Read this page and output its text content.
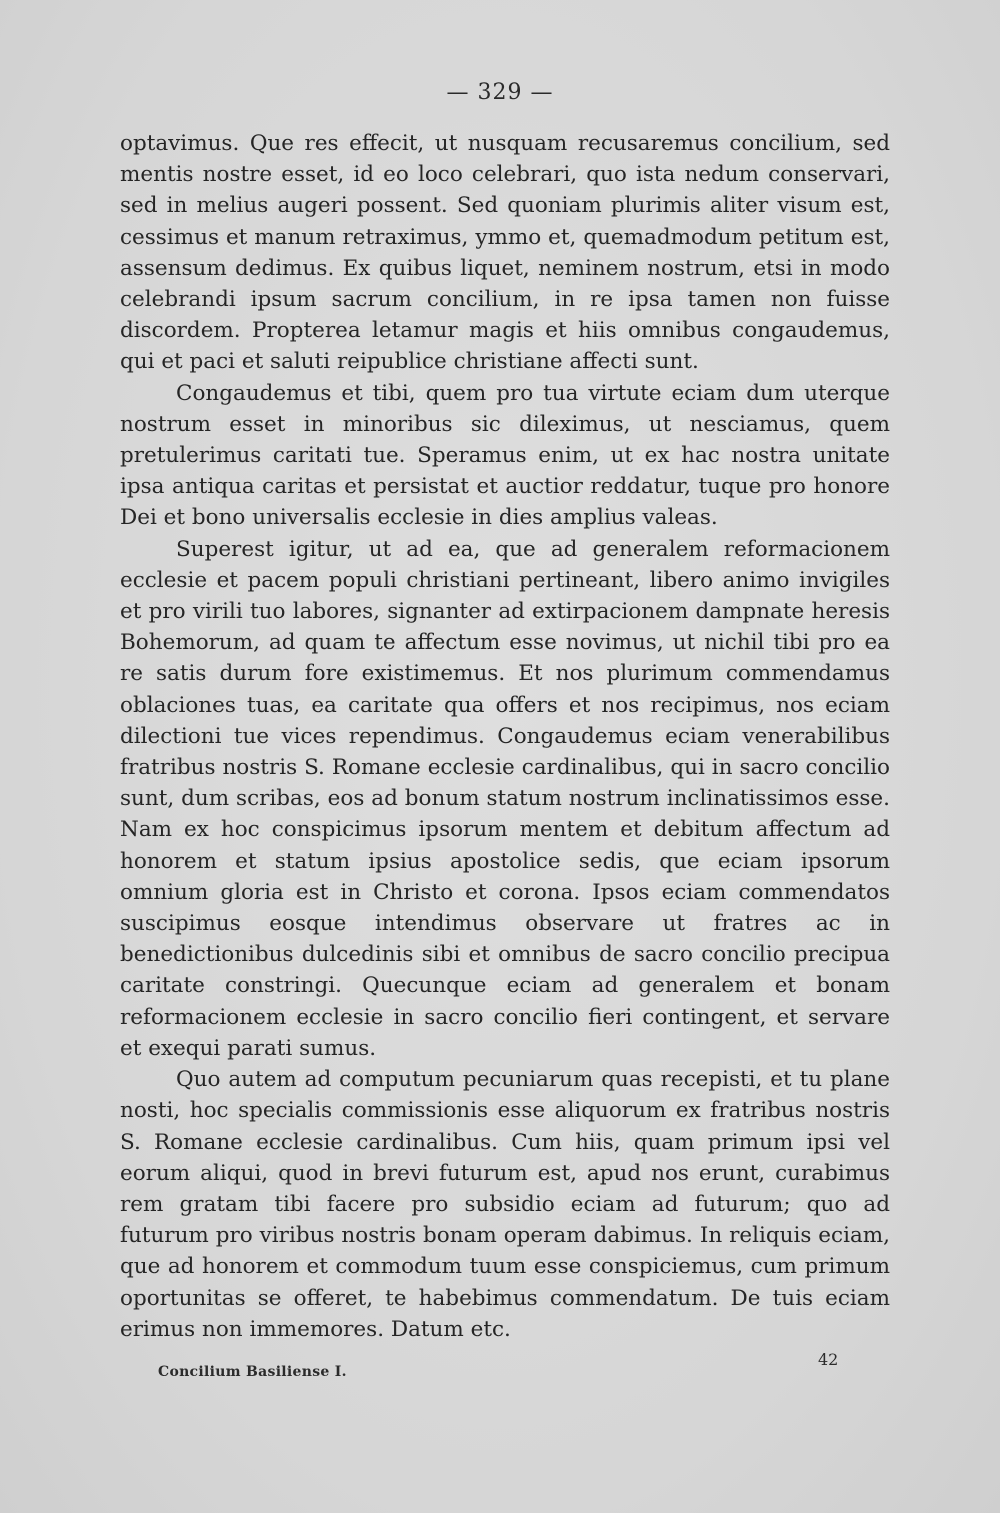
— 329 —

optavimus. Que res effecit, ut nusquam recusaremus concilium, sed mentis nostre esset, id eo loco celebrari, quo ista nedum conservari, sed in melius augeri possent. Sed quoniam plurimis aliter visum est, cessimus et manum retraximus, ymmo et, quemadmodum petitum est, assensum dedimus. Ex quibus liquet, neminem nostrum, etsi in modo celebrandi ipsum sacrum concilium, in re ipsa tamen non fuisse discordem. Propterea letamur magis et hiis omnibus congaudemus, qui et paci et saluti reipublice christiane affecti sunt.

Congaudemus et tibi, quem pro tua virtute eciam dum uterque nostrum esset in minoribus sic dileximus, ut nesciamus, quem pretulerimus caritati tue. Speramus enim, ut ex hac nostra unitate ipsa antiqua caritas et persistat et auctior reddatur, tuque pro honore Dei et bono universalis ecclesie in dies amplius valeas.

Superest igitur, ut ad ea, que ad generalem reformacionem ecclesie et pacem populi christiani pertineant, libero animo invigiles et pro virili tuo labores, signanter ad extirpacionem dampnate heresis Bohemorum, ad quam te affectum esse novimus, ut nichil tibi pro ea re satis durum fore existimemus. Et nos plurimum commendamus oblaciones tuas, ea caritate qua offers et nos recipimus, nos eciam dilectioni tue vices rependimus. Congaudemus eciam venerabilibus fratribus nostris S. Romane ecclesie cardinalibus, qui in sacro concilio sunt, dum scribas, eos ad bonum statum nostrum inclinatissimos esse. Nam ex hoc conspicimus ipsorum mentem et debitum affectum ad honorem et statum ipsius apostolice sedis, que eciam ipsorum omnium gloria est in Christo et corona. Ipsos eciam commendatos suscipimus eosque intendimus observare ut fratres ac in benedictionibus dulcedinis sibi et omnibus de sacro concilio precipua caritate constringi. Quecunque eciam ad generalem et bonam reformacionem ecclesie in sacro concilio fieri contingent, et servare et exequi parati sumus.

Quo autem ad computum pecuniarum quas recepisti, et tu plane nosti, hoc specialis commissionis esse aliquorum ex fratribus nostris S. Romane ecclesie cardinalibus. Cum hiis, quam primum ipsi vel eorum aliqui, quod in brevi futurum est, apud nos erunt, curabimus rem gratam tibi facere pro subsidio eciam ad futurum; quo ad futurum pro viribus nostris bonam operam dabimus. In reliquis eciam, que ad honorem et commodum tuum esse conspiciemus, cum primum oportunitas se offeret, te habebimus commendatum. De tuis eciam erimus non immemores. Datum etc.

Concilium Basiliense I.
42
